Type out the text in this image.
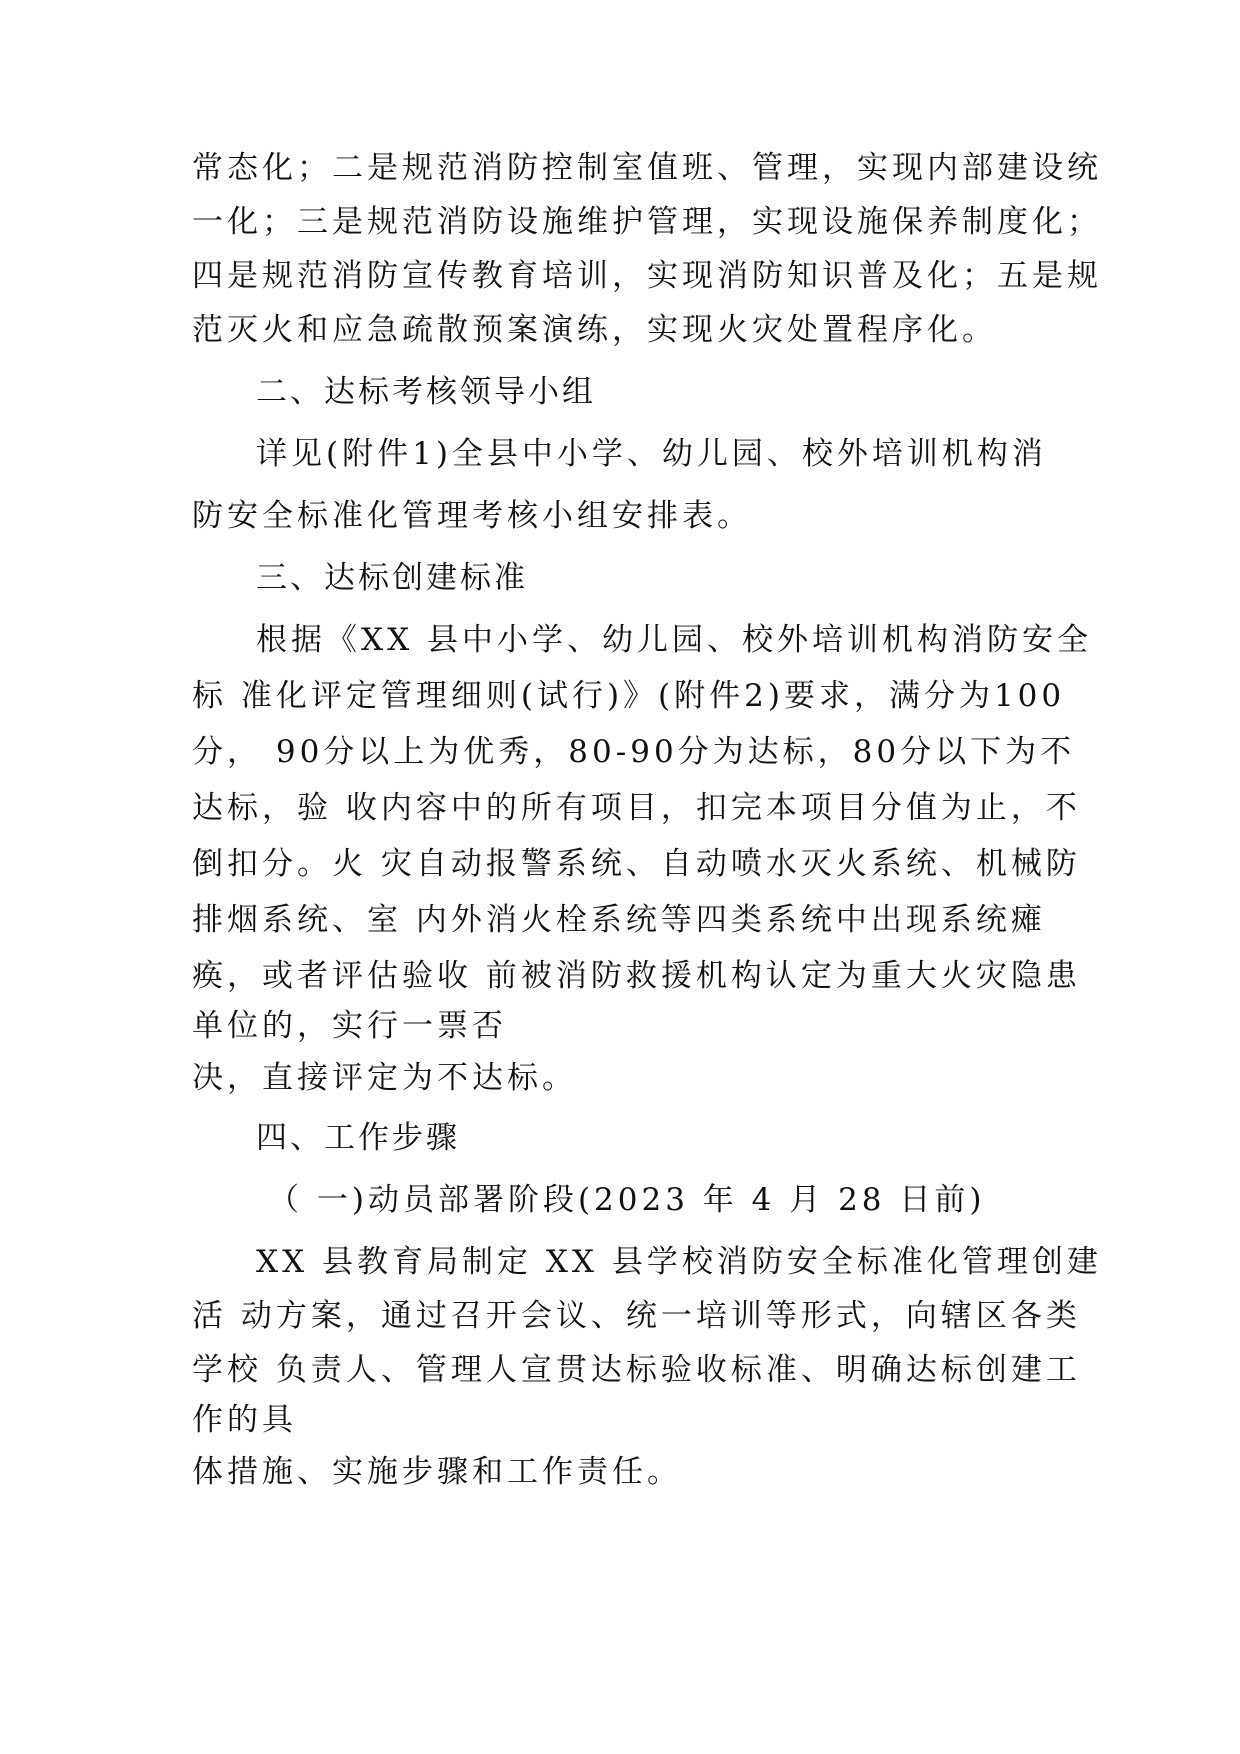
常态化；二是规范消防控制室值班、管理，实现内部建设统
一化；三是规范消防设施维护管理，实现设施保养制度化；
四是规范消防宣传教育培训，实现消防知识普及化；五是规
范灭火和应急疏散预案演练，实现火灾处置程序化。
二、达标考核领导小组
详见(附件1)全县中小学、幼儿园、校外培训机构消
防安全标准化管理考核小组安排表。
三、达标创建标准
根据《XX 县中小学、幼儿园、校外培训机构消防安全
标 准化评定管理细则(试行)》(附件2)要求，满分为100
分， 90分以上为优秀，80-90分为达标，80分以下为不
达标，验 收内容中的所有项目，扣完本项目分值为止，不
倒扣分。火 灾自动报警系统、自动喷水灭火系统、机械防
排烟系统、室 内外消火栓系统等四类系统中出现系统瘫
痪，或者评估验收 前被消防救援机构认定为重大火灾隐患
单位的，实行一票否
决，直接评定为不达标。
四、工作步骤
（ 一)动员部署阶段(2023 年 4 月 28 日前)
XX 县教育局制定 XX 县学校消防安全标准化管理创建
活 动方案，通过召开会议、统一培训等形式，向辖区各类
学校 负责人、管理人宣贯达标验收标准、明确达标创建工
作的具
体措施、实施步骤和工作责任。
